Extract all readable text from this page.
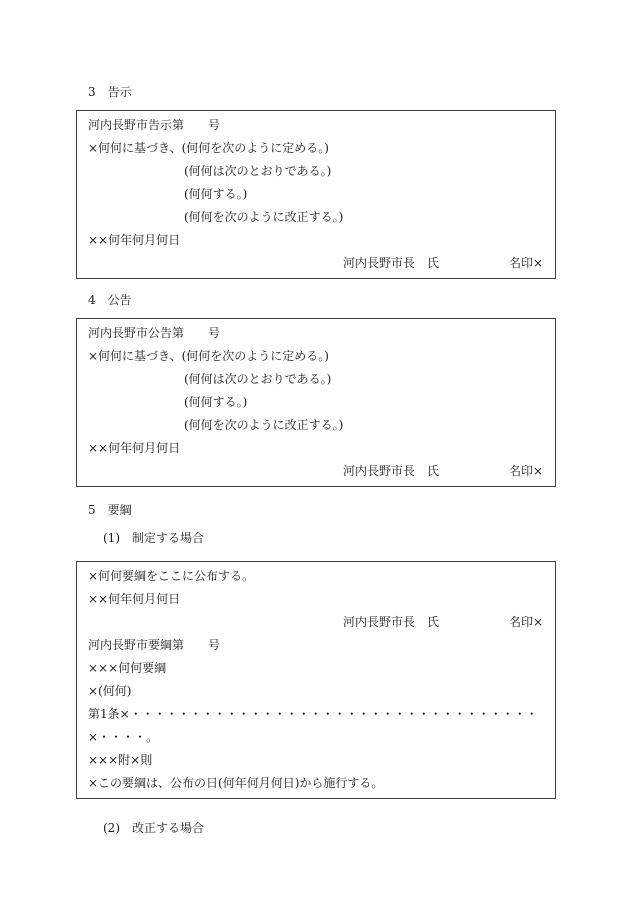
3　告示
河内長野市告示第　　号
×何何に基づき、(何何を次のように定める。)
(何何は次のとおりである。)
(何何する。)
(何何を次のように改正する。)
××何年何月何日
河内長野市長　氏	名印×
4　公告
河内長野市公告第　　号
×何何に基づき、(何何を次のように定める。)
(何何は次のとおりである。)
(何何する。)
(何何を次のように改正する。)
××何年何月何日
河内長野市長　氏	名印×
5　要綱
(1)　制定する場合
×何何要綱をここに公布する。
××何年何月何日
河内長野市長　氏	名印×
河内長野市要綱第　　号
×××何何要綱
×(何何)
第1条×・・・・・・・・・・・・・・・・・・・・・・・・・・・・・・・・・・
×・・・・。
×××附×則
×この要綱は、公布の日(何年何月何日)から施行する。
(2)　改正する場合
